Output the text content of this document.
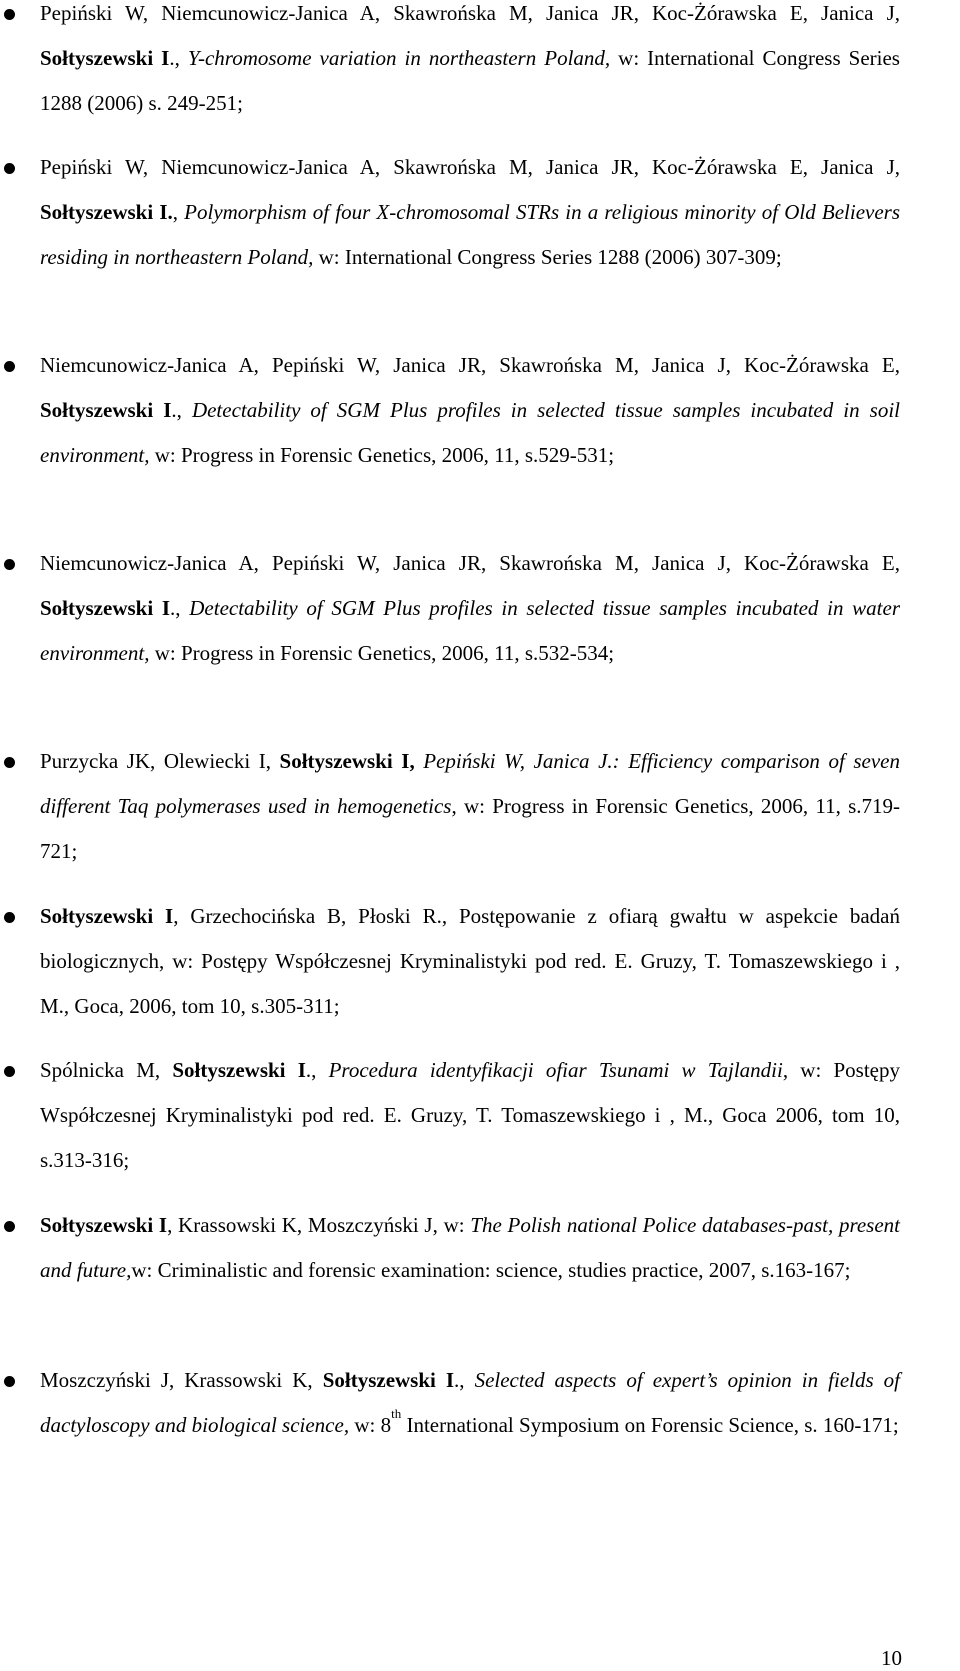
Pepiński W, Niemcunowicz-Janica A, Skawrońska M, Janica JR, Koc-Żórawska E, Janica J, Sołtyszewski I., Y-chromosome variation in northeastern Poland, w: International Congress Series 1288 (2006) s. 249-251;
Pepiński W, Niemcunowicz-Janica A, Skawrońska M, Janica JR, Koc-Żórawska E, Janica J, Sołtyszewski I., Polymorphism of four X-chromosomal STRs in a religious minority of Old Believers residing in northeastern Poland, w: International Congress Series 1288 (2006) 307-309;
Niemcunowicz-Janica A, Pepiński W, Janica JR, Skawrońska M, Janica J, Koc-Żórawska E, Sołtyszewski I., Detectability of SGM Plus profiles in selected tissue samples incubated in soil environment, w: Progress in Forensic Genetics, 2006, 11, s.529-531;
Niemcunowicz-Janica A, Pepiński W, Janica JR, Skawrońska M, Janica J, Koc-Żórawska E, Sołtyszewski I., Detectability of SGM Plus profiles in selected tissue samples incubated in water environment, w: Progress in Forensic Genetics, 2006, 11, s.532-534;
Purzycka JK, Olewiecki I, Sołtyszewski I, Pepiński W, Janica J.: Efficiency comparison of seven different Taq polymerases used in hemogenetics, w: Progress in Forensic Genetics, 2006, 11, s.719-721;
Sołtyszewski I, Grzechocińska B, Płoski R., Postępowanie z ofiarą gwałtu w aspekcie badań biologicznych, w: Postępy Współczesnej Kryminalistyki pod red. E. Gruzy, T. Tomaszewskiego i , M., Goca, 2006, tom 10, s.305-311;
Spólnicka M, Sołtyszewski I., Procedura identyfikacji ofiar Tsunami w Tajlandii, w: Postępy Współczesnej Kryminalistyki pod red. E. Gruzy, T. Tomaszewskiego i , M., Goca 2006, tom 10, s.313-316;
Sołtyszewski I, Krassowski K, Moszczyński J, w: The Polish national Police databases-past, present and future,w: Criminalistic and forensic examination: science, studies practice, 2007, s.163-167;
Moszczyński J, Krassowski K, Sołtyszewski I., Selected aspects of expert’s opinion in fields of dactyloscopy and biological science, w: 8th International Symposium on Forensic Science, s. 160-171;
10
